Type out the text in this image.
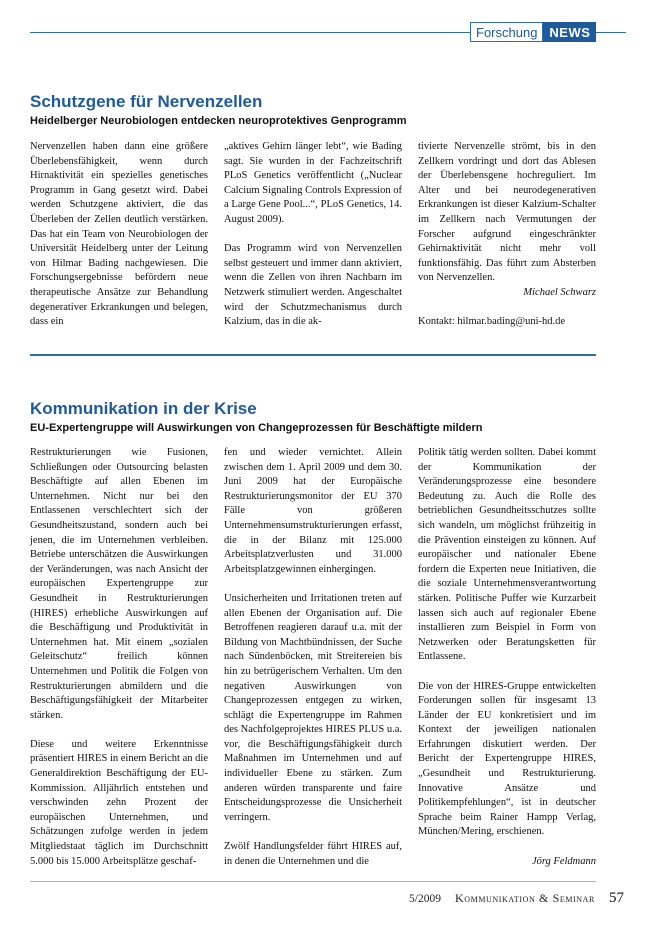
Forschung NEWS
Schutzgene für Nervenzellen

Heidelberger Neurobiologen entdecken neuroprotektives Genprogramm

Nervenzellen haben dann eine größere Überlebensfähigkeit, wenn durch Hirnaktivität ein spezielles genetisches Programm in Gang gesetzt wird. Dabei werden Schutzgene aktiviert, die das Überleben der Zellen deutlich verstärken. Das hat ein Team von Neurobiologen der Universität Heidelberg unter der Leitung von Hilmar Bading nachgewiesen. Die Forschungsergebnisse befördern neue therapeutische Ansätze zur Behandlung degenerativer Erkrankungen und belegen, dass ein

„aktives Gehirn länger lebt“, wie Bading sagt. Sie wurden in der Fachzeitschrift PLoS Genetics veröffentlicht („Nuclear Calcium Signaling Controls Expression of a Large Gene Pool...“, PLoS Genetics, 14. August 2009).

Das Programm wird von Nervenzellen selbst gesteuert und immer dann aktiviert, wenn die Zellen von ihren Nachbarn im Netzwerk stimuliert werden. Angeschaltet wird der Schutzmechanismus durch Kalzium, das in die ak-

tivierte Nervenzelle strömt, bis in den Zellkern vordringt und dort das Ablesen der Überlebensgene hochreguliert. Im Alter und bei neurodegenerativen Erkrankungen ist dieser Kalzium-Schalter im Zellkern nach Vermutungen der Forscher aufgrund eingeschränkter Gehirnaktivität nicht mehr voll funktionsfähig. Das führt zum Absterben von Nervenzellen.

Michael Schwarz
Kontakt: hilmar.bading@uni-hd.de
Kommunikation in der Krise

EU-Expertengruppe will Auswirkungen von Changeprozessen für Beschäftigte mildern

Restrukturierungen wie Fusionen, Schließungen oder Outsourcing belasten Beschäftigte auf allen Ebenen im Unternehmen. Nicht nur bei den Entlassenen verschlechtert sich der Gesundheitszustand, sondern auch bei jenen, die im Unternehmen verbleiben. Betriebe unterschätzen die Auswirkungen der Veränderungen, was nach Ansicht der europäischen Expertengruppe zur Gesundheit in Restrukturierungen (HIRES) erhebliche Auswirkungen auf die Beschäftigung und Produktivität in Unternehmen hat. Mit einem „sozialen Geleitschutz“ freilich können Unternehmen und Politik die Folgen von Restrukturierungen abmildern und die Beschäftigungsfähigkeit der Mitarbeiter stärken.

Diese und weitere Erkenntnisse präsentiert HIRES in einem Bericht an die Generaldirektion Beschäftigung der EU-Kommission. Alljährlich entstehen und verschwinden zehn Prozent der europäischen Unternehmen, und Schätzungen zufolge werden in jedem Mitgliedstaat täglich im Durchschnitt 5.000 bis 15.000 Arbeitsplätze geschaf-

fen und wieder vernichtet. Allein zwischen dem 1. April 2009 und dem 30. Juni 2009 hat der Europäische Restrukturierungsmonitor der EU 370 Fälle von größeren Unternehmensumstrukturierungen erfasst, die in der Bilanz mit 125.000 Arbeitsplatzverlusten und 31.000 Arbeitsplatzgewinnen einhergingen.

Unsicherheiten und Irritationen treten auf allen Ebenen der Organisation auf. Die Betroffenen reagieren darauf u.a. mit der Bildung von Machtbündnissen, der Suche nach Sündenböcken, mit Streitereien bis hin zu betrügerischem Verhalten. Um den negativen Auswirkungen von Changeprozessen entgegen zu wirken, schlägt die Expertengruppe im Rahmen des Nachfolgeprojektes HIRES PLUS u.a. vor, die Beschäftigungsfähigkeit durch Maßnahmen im Unternehmen und auf individueller Ebene zu stärken. Zum anderen würden transparente und faire Entscheidungsprozesse die Unsicherheit verringern.

Zwölf Handlungsfelder führt HIRES auf, in denen die Unternehmen und die

Politik tätig werden sollten. Dabei kommt der Kommunikation der Veränderungsprozesse eine besondere Bedeutung zu. Auch die Rolle des betrieblichen Gesundheitsschutzes sollte sich wandeln, um möglichst frühzeitig in die Prävention einsteigen zu können. Auf europäischer und nationaler Ebene fordern die Experten neue Initiativen, die die soziale Unternehmensverantwortung stärken. Politische Puffer wie Kurzarbeit lassen sich auch auf regionaler Ebene installieren zum Beispiel in Form von Netzwerken oder Beratungsketten für Entlassene.

Die von der HIRES-Gruppe entwickelten Forderungen sollen für insgesamt 13 Länder der EU konkretisiert und im Kontext der jeweiligen nationalen Erfahrungen diskutiert werden. Der Bericht der Expertengruppe HIRES, „Gesundheit und Restrukturierung. Innovative Ansätze und Politikempfehlungen“, ist in deutscher Sprache beim Rainer Hampp Verlag, München/Mering, erschienen.

Jörg Feldmann
5/2009 Kommunikation & Seminar 57
